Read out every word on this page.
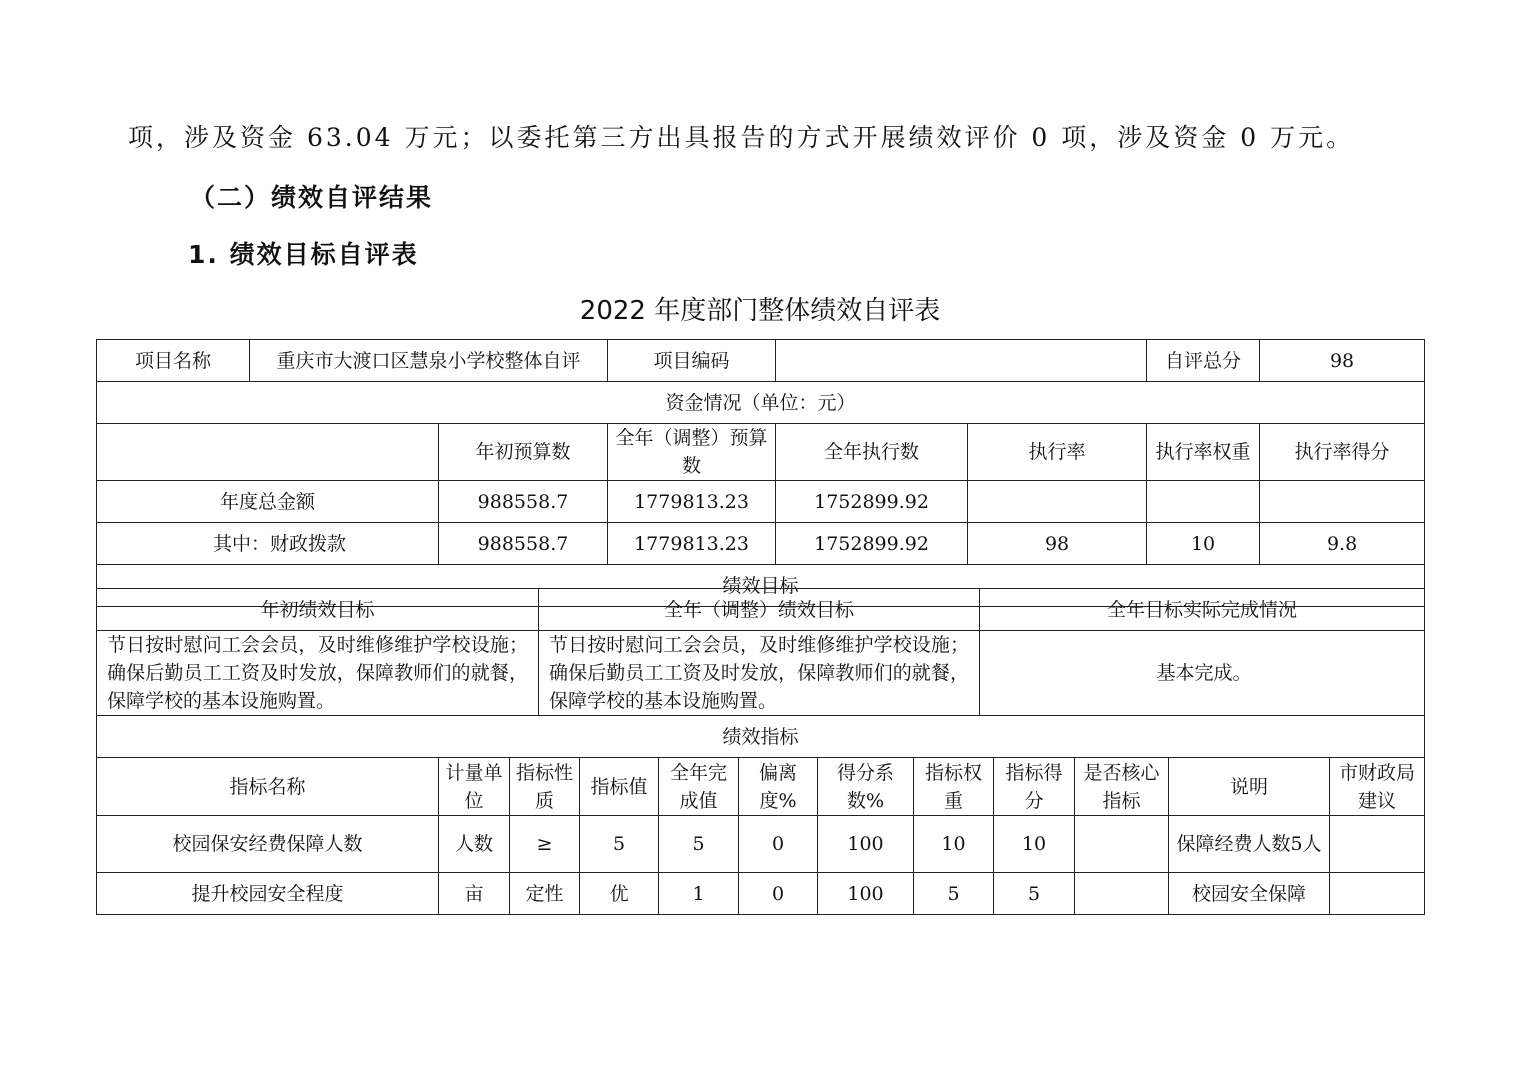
项，涉及资金 63.04 万元；以委托第三方出具报告的方式开展绩效评价 0 项，涉及资金 0 万元。
（二）绩效自评结果
1. 绩效目标自评表
2022 年度部门整体绩效自评表
项目名称	重庆市大渡口区慧泉小学校整体自评		项目编码			自评总分	98
资金情况（单位：元）							
		年初预算数	全年（调整）预算数	全年执行数	执行率	执行率权重	执行率得分
年度总金额		988558.7	1779813.23	1752899.92			
其中：财政拨款		988558.7	1779813.23	1752899.92	98	10	9.8
绩效目标							
年初绩效目标	全年（调整）绩效目标	全年目标实际完成情况
节日按时慰问工会会员，及时维修维护学校设施；确保后勤员工工资及时发放，保障教师们的就餐，保障学校的基本设施购置。	节日按时慰问工会会员，及时维修维护学校设施；确保后勤员工工资及时发放，保障教师们的就餐，保障学校的基本设施购置。	基本完成。
绩效指标		
指标名称	计量单位	指标性质	指标值	全年完成值	偏离度%	得分系数%	指标权重	指标得分	是否核心指标	说明	市财政局建议
校园保安经费保障人数	人数	≥	5	5	0	100	10	10		保障经费人数5人	
提升校园安全程度	亩	定性	优	1	0	100	5	5		校园安全保障	
